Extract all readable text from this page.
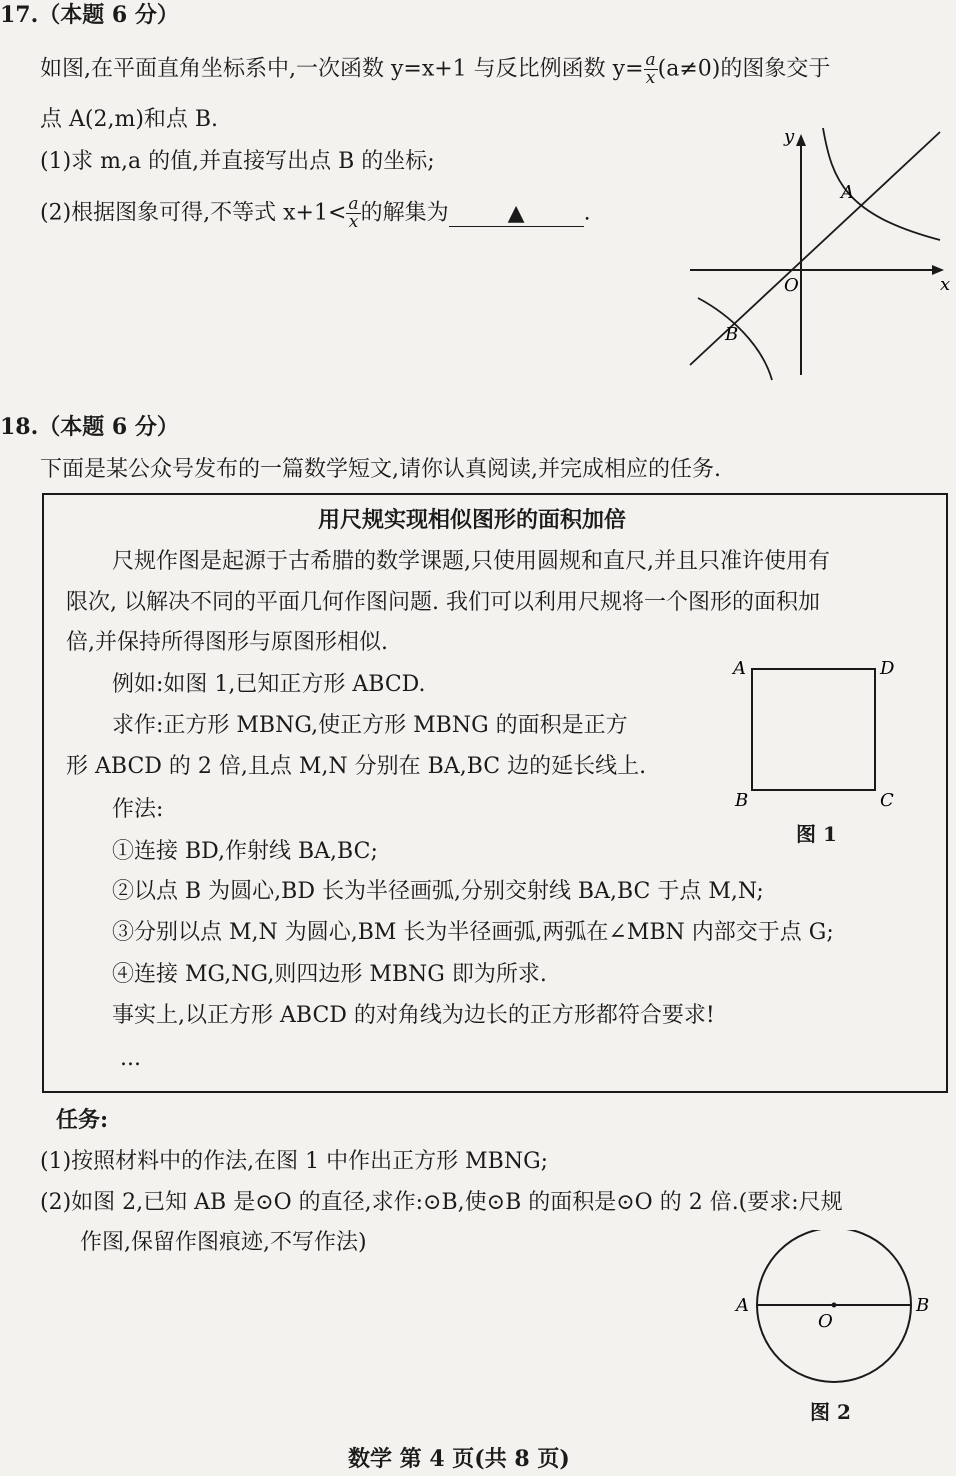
17.（本题 6 分）
如图,在平面直角坐标系中,一次函数 y=x+1 与反比例函数 $y= \frac{a}{x} (a\ne 0)$的图象交于
点 A(2,m)和点 B.
(1)求 m,a 的值,并直接写出点 B 的坐标;
(2)根据图象可得,不等式 $x+1< \frac{a}{x}$ 的解集为	▲	.
y
x
O
A
B
18.（本题 6 分）
下面是某公众号发布的一篇数学短文,请你认真阅读,并完成相应的任务.
用尺规实现相似图形的面积加倍
尺规作图是起源于古希腊的数学课题,只使用圆规和直尺,并且只准许使用有
限次, 以解决不同的平面几何作图问题. 我们可以利用尺规将一个图形的面积加
倍,并保持所得图形与原图形相似.
例如:如图 1,已知正方形 ABCD.
求作:正方形 MBNG,使正方形 MBNG 的面积是正方
形 ABCD 的 2 倍,且点 M,N 分别在 BA,BC 边的延长线上.
作法:
①连接 BD,作射线 BA,BC;
②以点 B 为圆心,BD 长为半径画弧,分别交射线 BA,BC 于点 M,N;
③分别以点 M,N 为圆心,BM 长为半径画弧,两弧在∠MBN 内部交于点 G;
④连接 MG,NG,则四边形 MBNG 即为所求.
事实上,以正方形 ABCD 的对角线为边长的正方形都符合要求!
...
A	D
B	C
图 1
任务:
(1)按照材料中的作法,在图 1 中作出正方形 MBNG;
(2)如图 2,已知 AB 是⊙O 的直径,求作:⊙B,使⊙B 的面积是⊙O 的 2 倍.(要求:尺规
作图,保留作图痕迹,不写作法)
A	B
O
图 2
数学 第 4 页(共 8 页)
